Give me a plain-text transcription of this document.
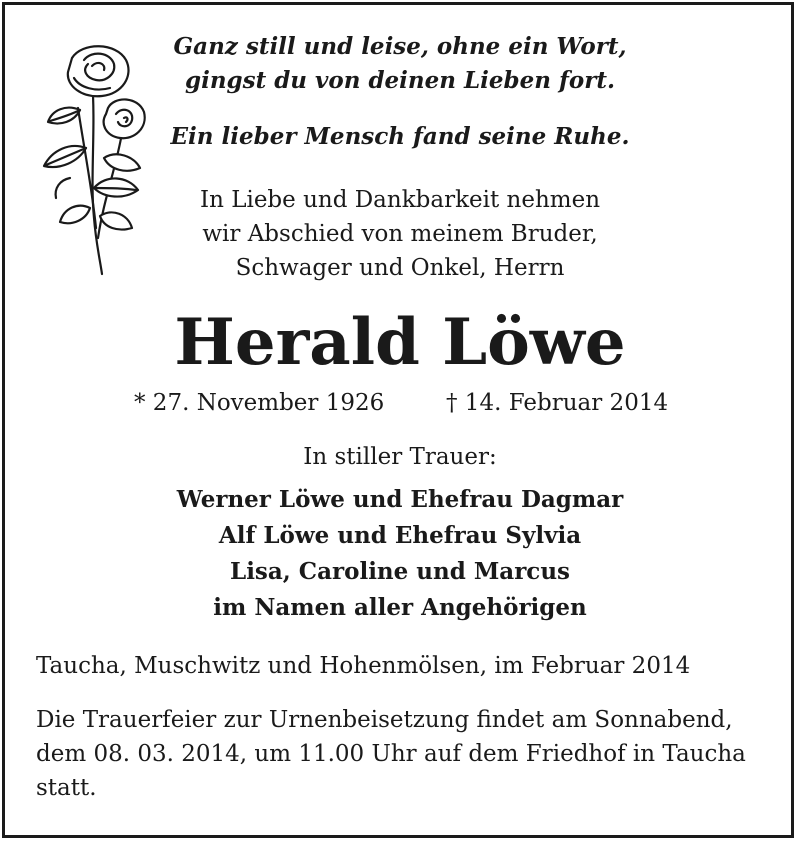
Ganz still und leise, ohne ein Wort,
gingst du von deinen Lieben fort.
Ein lieber Mensch fand seine Ruhe.
In Liebe und Dankbarkeit nehmen
wir Abschied von meinem Bruder,
Schwager und Onkel, Herrn
Herald Löwe
* 27. November 1926	† 14. Februar 2014
In stiller Trauer:
Werner Löwe und Ehefrau Dagmar
Alf Löwe und Ehefrau Sylvia
Lisa, Caroline und Marcus
im Namen aller Angehörigen
Taucha, Muschwitz und Hohenmölsen, im Februar 2014
Die Trauerfeier zur Urnenbeisetzung findet am Sonnabend,
dem 08. 03. 2014, um 11.00 Uhr auf dem Friedhof in Taucha
statt.
